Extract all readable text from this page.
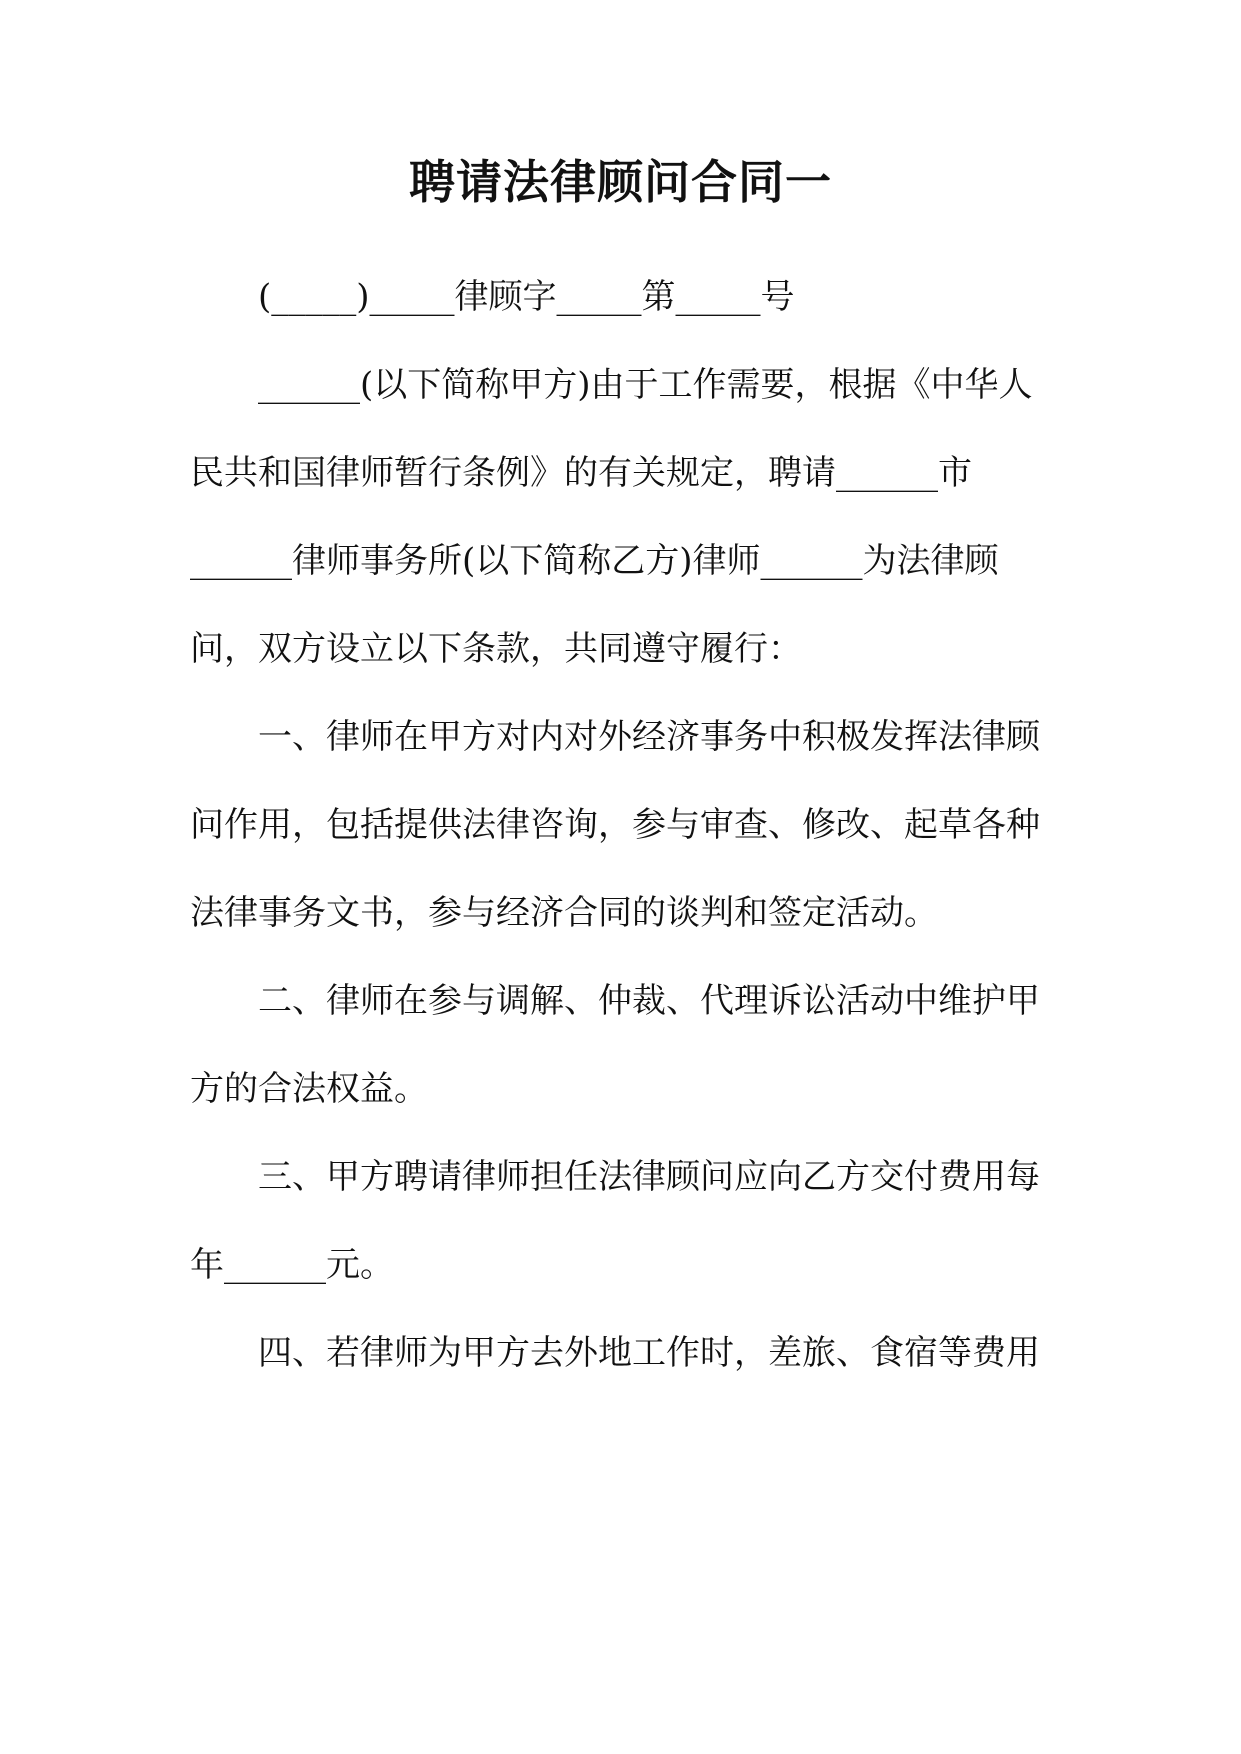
聘请法律顾问合同一
(_____)_____律顾字_____第_____号
______(以下简称甲方)由于工作需要，根据《中华人
民共和国律师暂行条例》的有关规定，聘请______市
______律师事务所(以下简称乙方)律师______为法律顾
问，双方设立以下条款，共同遵守履行：
一、律师在甲方对内对外经济事务中积极发挥法律顾
问作用，包括提供法律咨询，参与审查、修改、起草各种
法律事务文书，参与经济合同的谈判和签定活动。
二、律师在参与调解、仲裁、代理诉讼活动中维护甲
方的合法权益。
三、甲方聘请律师担任法律顾问应向乙方交付费用每
年______元。
四、若律师为甲方去外地工作时，差旅、食宿等费用
